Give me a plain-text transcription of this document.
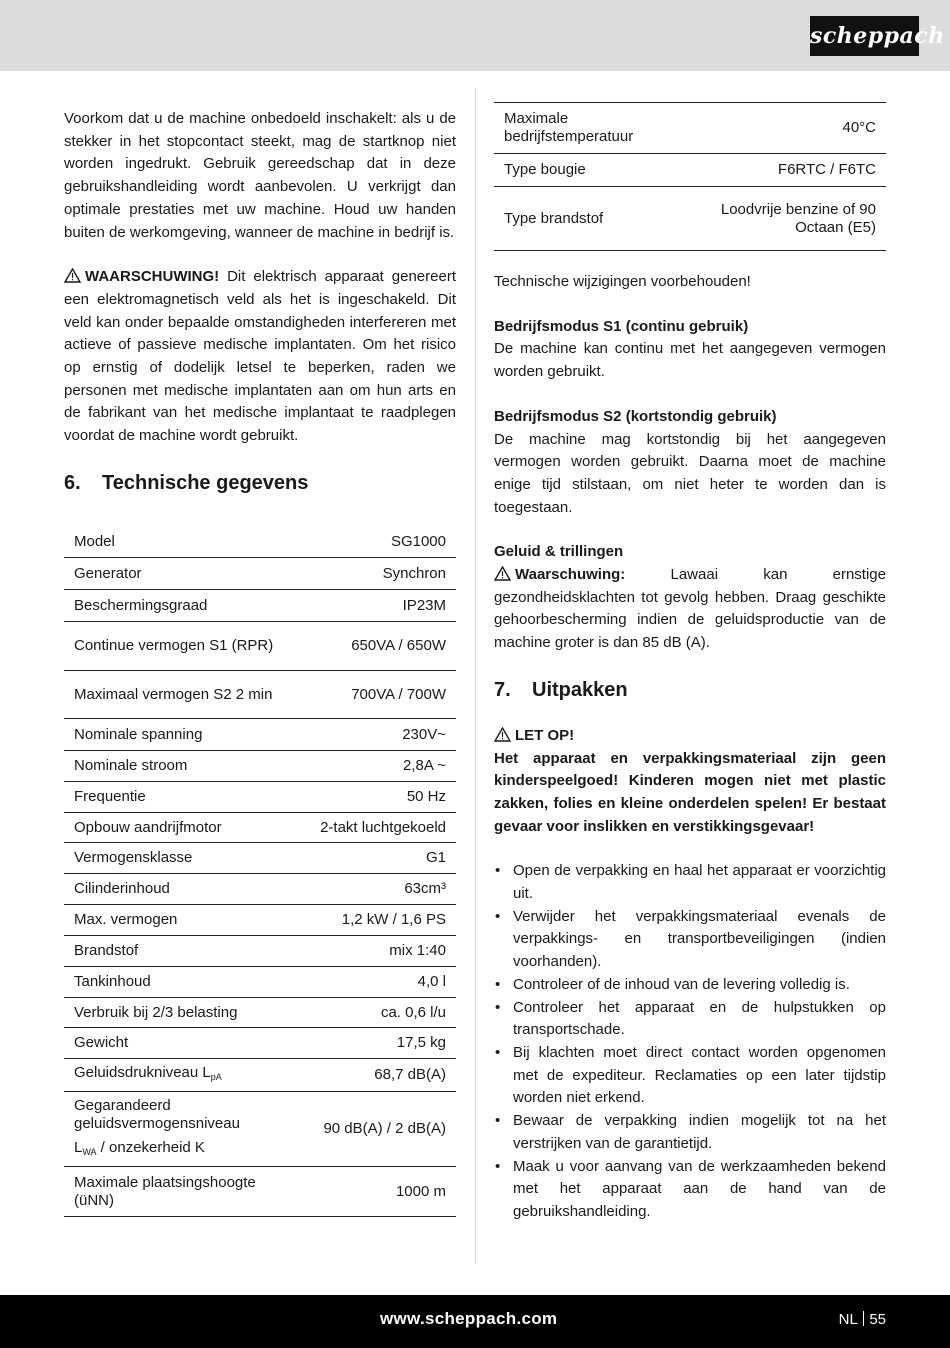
scheppach

Voorkom dat u de machine onbedoeld inschakelt: als u de stekker in het stopcontact steekt, mag de startknop niet worden ingedrukt. Gebruik gereedschap dat in deze gebruikshandleiding wordt aanbevolen. U verkrijgt dan optimale prestaties met uw machine. Houd uw handen buiten de werkomgeving, wanneer de machine in bedrijf is.

WAARSCHUWING! Dit elektrisch apparaat genereert een elektromagnetisch veld als het is ingeschakeld. Dit veld kan onder bepaalde omstandigheden interfereren met actieve of passieve medische implantaten. Om het risico op ernstig of dodelijk letsel te beperken, raden we personen met medische implantaten aan om hun arts en de fabrikant van het medische implantaat te raadplegen voordat de machine wordt gebruikt.

6. Technische gegevens
Model	SG1000
Generator	Synchron
Beschermingsgraad	IP23M
Continue vermogen S1 (RPR)	650VA / 650W
Maximaal vermogen S2 2 min	700VA / 700W
Nominale spanning	230V~
Nominale stroom	2,8A ~
Frequentie	50 Hz
Opbouw aandrijfmotor	2-takt luchtgekoeld
Vermogensklasse	G1
Cilinderinhoud	63cm³
Max. vermogen	1,2 kW / 1,6 PS
Brandstof	mix 1:40
Tankinhoud	4,0 l
Verbruik bij 2/3 belasting	ca. 0,6 l/u
Gewicht	17,5 kg
Geluidsdrukniveau $L_{pA}$	68,7 dB(A)
Gegarandeerd geluidsvermogensniveau
$L_{WA}$ / onzekerheid K	90 dB(A) / 2 dB(A)
Maximale plaatsingshoogte (üNN)	1000 m
Maximale bedrijfstemperatuur	40°C
Type bougie	F6RTC / F6TC
Type brandstof	Loodvrije benzine of 90 Octaan (E5)

Technische wijzigingen voorbehouden!

Bedrijfsmodus S1 (continu gebruik)

De machine kan continu met het aangegeven vermogen worden gebruikt.

Bedrijfsmodus S2 (kortstondig gebruik)

De machine mag kortstondig bij het aangegeven vermogen worden gebruikt. Daarna moet de machine enige tijd stilstaan, om niet heter te worden dan is toegestaan.

Geluid & trillingen

Waarschuwing: Lawaai kan ernstige gezondheidsklachten tot gevolg hebben. Draag geschikte gehoorbescherming indien de geluidsproductie van de machine groter is dan 85 dB (A).

7. Uitpakken

LET OP!

Het apparaat en verpakkingsmateriaal zijn geen kinderspeelgoed! Kinderen mogen niet met plastic zakken, folies en kleine onderdelen spelen! Er bestaat gevaar voor inslikken en verstikkingsgevaar!

• Open de verpakking en haal het apparaat er voorzichtig uit.
• Verwijder het verpakkingsmateriaal evenals de verpakkings- en transportbeveiligingen (indien voorhanden).
• Controleer of de inhoud van de levering volledig is.
• Controleer het apparaat en de hulpstukken op transportschade.
• Bij klachten moet direct contact worden opgenomen met de expediteur. Reclamaties op een later tijdstip worden niet erkend.
• Bewaar de verpakking indien mogelijk tot na het verstrijken van de garantietijd.
• Maak u voor aanvang van de werkzaamheden bekend met het apparaat aan de hand van de gebruikshandleiding.
www.scheppach.com	NL 55
